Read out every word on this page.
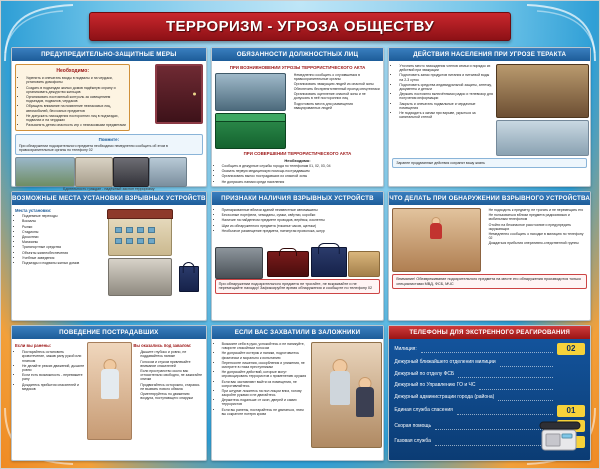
ТЕРРОРИЗМ - УГРОЗА ОБЩЕСТВУ
ПРЕДУПРЕДИТЕЛЬНО-ЗАЩИТНЫЕ МЕРЫ
Необходимо:
• Укрепить и опечатать входы в подвалы и на чердаки, установить домофоны
• Создать в подъездах жилых домов надёжную охрану и организовать дежурство жильцов
• Организовать постоянный контроль за освещением подъездов, подвалов, чердаков
• Обращать внимание на появление незнакомых лиц, автомобилей, бесхозных предметов
• Не допускать нахождения посторонних лиц в подъездах, подвалах и на чердаках
• Разъяснять детям опасность игр с незнакомыми предметами
Помните:
При обнаружении подозрительного предмета необходимо немедленно сообщить об этом в правоохранительные органы по телефону 02
Бдительность граждан - надёжный заслон терроризму
ОБЯЗАННОСТИ ДОЛЖНОСТНЫХ ЛИЦ
ПРИ ВОЗНИКНОВЕНИИ УГРОЗЫ ТЕРРОРИСТИЧЕСКОГО АКТА
• Немедленно сообщить о случившемся в правоохранительные органы
• Организовать эвакуацию людей из опасной зоны
• Обеспечить беспрепятственный проезд спецтехники
• Организовать оцепление опасной зоны и не допускать в неё посторонних лиц
• Подготовить места для размещения эвакуированных людей
ПРИ СОВЕРШЕНИИ ТЕРРОРИСТИЧЕСКОГО АКТА
Необходимо:
• Сообщить в дежурные службы города по телефонам 01, 02, 03, 04
• Оказать первую медицинскую помощь пострадавшим
• Организовать вынос пострадавших из опасной зоны
• Не допускать паники среди населения
ДЕЙСТВИЯ НАСЕЛЕНИЯ ПРИ УГРОЗЕ ТЕРАКТА
• Уточнить место нахождения членов семьи и порядок их действий при эвакуации
• Подготовить запас продуктов питания и питьевой воды на 2-3 суток
• Подготовить средства индивидуальной защиты, аптечку, документы и деньги
• Держать постоянно включёнными радио и телевизор для получения информации
• Закрыть и опечатать подвальные и чердачные помещения
• Не подходить к окнам при взрыве, укрыться за капитальной стеной
Заранее продуманные действия сохранят вашу жизнь
ВОЗМОЖНЫЕ МЕСТА УСТАНОВКИ ВЗРЫВНЫХ УСТРОЙСТВ
Места установки:
• Подземные переходы
• Вокзалы
• Рынки
• Стадионы
• Дискотеки
• Магазины
• Транспортные средства
• Объекты жизнеобеспечения
• Учебные заведения
• Подъезды и подвалы жилых домов
ПРИЗНАКИ НАЛИЧИЯ ВЗРЫВНЫХ УСТРОЙСТВ
• Припаркованные вблизи зданий неизвестные автомашины
• Бесхозные портфели, чемоданы, сумки, свёртки, коробки
• Наличие на найденном предмете проводов, верёвок, изоленты
• Шум из обнаруженного предмета (тиканье часов, щелчки)
• Необычное размещение предмета, натянутая проволока, шнур
При обнаружении подозрительного предмета не трогайте, не вскрывайте и не перемещайте находку! Зафиксируйте время обнаружения и сообщите по телефону 02
ЧТО ДЕЛАТЬ ПРИ ОБНАРУЖЕНИИ ВЗРЫВНОГО УСТРОЙСТВА
• Не подходить к предмету, не трогать и не перемещать его
• Не пользоваться вблизи предмета радиосвязью и мобильным телефоном
• Отойти на безопасное расстояние и предупредить окружающих
• Немедленно сообщить о находке в милицию по телефону 02
• Дождаться прибытия оперативно-следственной группы
Внимание! Обезвреживание подозрительного предмета на месте его обнаружения производится только специалистами МВД, ФСБ, МЧС
ПОВЕДЕНИЕ ПОСТРАДАВШИХ
Если вы ранены:
• Постарайтесь остановить кровотечение, зажав рану рукой или платком
• Не делайте резких движений, дышите ровно
• Если есть возможность - перевяжите рану
• Дождитесь прибытия спасателей и медиков
Вы оказались под завалом:
• Дышите глубоко и ровно, не поддавайтесь панике
• Голосом и стуком привлекайте внимание спасателей
• Если пространство около вас относительно свободно, не зажигайте спички
• Продвигайтесь осторожно, стараясь не вызвать нового обвала
• Ориентируйтесь по движению воздуха, поступающего снаружи
ЕСЛИ ВАС ЗАХВАТИЛИ В ЗАЛОЖНИКИ
• Возьмите себя в руки, успокойтесь и не паникуйте, говорите спокойным голосом
• Не допускайте истерик и паники, подготовьтесь физически и морально к испытанию
• Переносите лишения, оскорбления и унижения, не смотрите в глаза преступникам
• Не допускайте действий, которые могут спровоцировать террористов к применению оружия
• Если вас заставляют выйти из помещения, не сопротивляйтесь
• При штурме ложитесь на пол лицом вниз, голову закройте руками и не двигайтесь
• Держитесь подальше от окон, дверей и самих террористов
• Если вы ранены, постарайтесь не двигаться, этим вы сократите потерю крови
ТЕЛЕФОНЫ ДЛЯ ЭКСТРЕННОГО РЕАГИРОВАНИЯ
Милиция:	02
Дежурный ближайшего отделения милиции
Дежурный по отделу ФСБ
Дежурный по Управлению ГО и ЧС
Дежурный администрации города (района)
Единая служба спасения	01
Скорая помощь
Газовая служба
